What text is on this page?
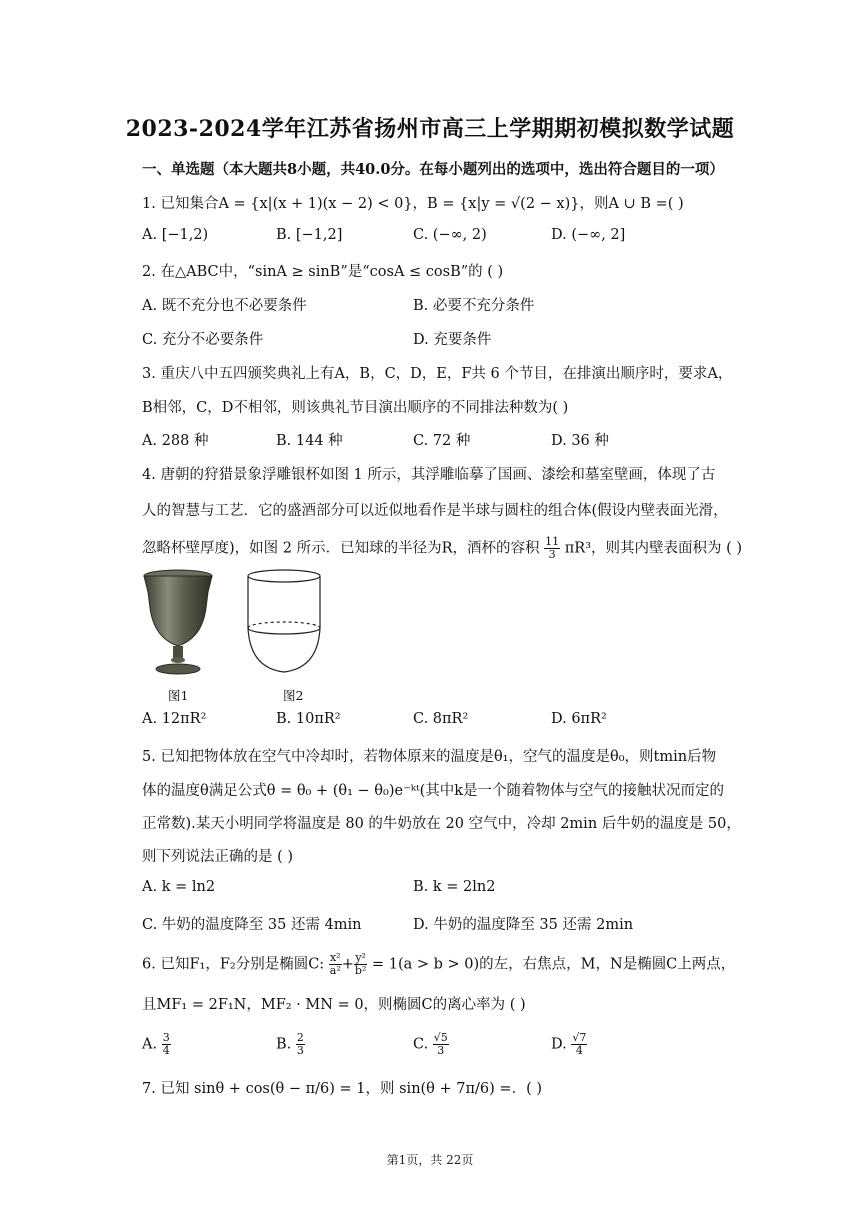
2023-2024学年江苏省扬州市高三上学期期初模拟数学试题
一、单选题（本大题共8小题，共40.0分。在每小题列出的选项中，选出符合题目的一项）
1. 已知集合A = {x|(x + 1)(x − 2) < 0}，B = {x|y = √(2 − x)}，则A ∪ B =( )
A. [−1,2)	B. [−1,2]	C. (−∞, 2)	D. (−∞, 2]
2. 在△ABC中，“sinA ≥ sinB”是“cosA ≤ cosB”的 ( )
A. 既不充分也不必要条件	B. 必要不充分条件
C. 充分不必要条件	D. 充要条件
3. 重庆八中五四颁奖典礼上有A，B，C，D，E，F共 6 个节目，在排演出顺序时，要求A，
B相邻，C，D不相邻，则该典礼节目演出顺序的不同排法种数为( )
A. 288 种	B. 144 种	C. 72 种	D. 36 种
4. 唐朝的狩猎景象浮雕银杯如图 1 所示，其浮雕临摹了国画、漆绘和墓室壁画，体现了古
人的智慧与工艺．它的盛酒部分可以近似地看作是半球与圆柱的组合体(假设内壁表面光滑，
忽略杯壁厚度)，如图 2 所示．已知球的半径为R，酒杯的容积 $\frac{11}{3} \pi R^3$，则其内壁表面积为 ( )
图1	图2
A. 12πR²	B. 10πR²	C. 8πR²	D. 6πR²
5. 已知把物体放在空气中冷却时，若物体原来的温度是θ₁，空气的温度是θ₀，则tmin后物
体的温度θ满足公式θ = θ₀ + (θ₁ − θ₀)e⁻ᵏᵗ(其中k是一个随着物体与空气的接触状况而定的
正常数).某天小明同学将温度是 80 的牛奶放在 20 空气中，冷却 2min 后牛奶的温度是 50，
则下列说法正确的是 ( )
A. k = ln2	B. k = 2ln2
C. 牛奶的温度降至 35 还需 4min	D. 牛奶的温度降至 35 还需 2min
6. 已知F₁，F₂分别是椭圆C: $\frac{\text{x²}}{\text{a²}} + \frac{\text{y²}}{\text{b²}} = 1(a > b > 0)$的左，右焦点，M，N是椭圆C上两点，
且MF₁ = 2F₁N，MF₂ · MN = 0，则椭圆C的离心率为 ( )
A. $\frac{3}{4}$	B. $\frac{2}{3}$	C. $\frac{√5}{3}$	D. $\frac{√7}{4}$
7. 已知 sinθ + cos(θ − π/6) = 1，则 sin(θ + 7π/6) =．( )
第1页，共 22页
